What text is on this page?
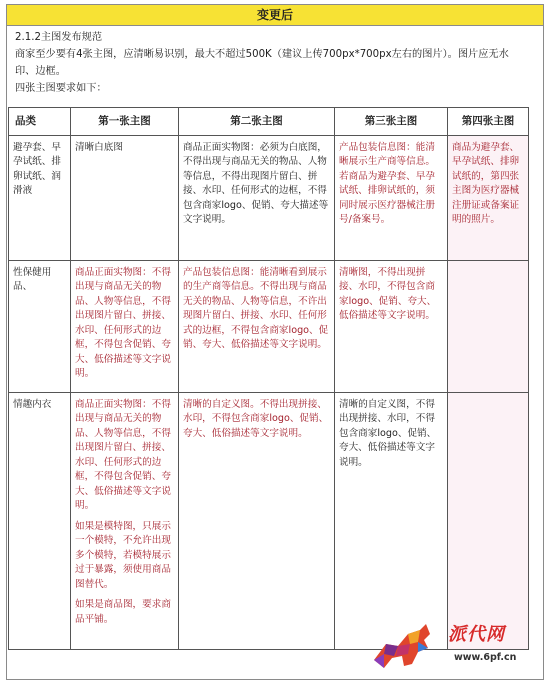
变更后
2.1.2主图发布规范
商家至少要有4张主图，应清晰易识别，最大不超过500K（建议上传700px*700px左右的图片）。图片应无水
印、边框。
四张主图要求如下：
品类	第一张主图	第二张主图	第三张主图	第四张主图
避孕套、早孕试纸、排卵试纸、润滑液	清晰白底图	商品正面实物图：必须为白底图，不得出现与商品无关的物品、人物等信息，不得出现图片留白、拼接、水印、任何形式的边框，不得包含商家logo、促销、夸大描述等文字说明。	产品包装信息图：能清晰展示生产商等信息。若商品为避孕套、早孕试纸、排卵试纸的，须同时展示医疗器械注册号/备案号。	商品为避孕套、早孕试纸、排卵试纸的，第四张主图为医疗器械注册证或备案证明的照片。

性保健用品、	商品正面实物图：不得出现与商品无关的物品、人物等信息，不得出现图片留白、拼接、水印、任何形式的边框，不得包含促销、夸大、低俗描述等文字说明。	产品包装信息图：能清晰看到展示的生产商等信息。不得出现与商品无关的物品、人物等信息，不许出现图片留白、拼接、水印、任何形式的边框，不得包含商家logo、促销、夸大、低俗描述等文字说明。	清晰图，不得出现拼接、水印，不得包含商家logo、促销、夸大、低俗描述等文字说明。	

情趣内衣	商品正面实物图：不得出现与商品无关的物品、人物等信息，不得出现图片留白、拼接、水印、任何形式的边框，不得包含促销、夸大、低俗描述等文字说明。
如果是模特图，只展示一个模特，不允许出现多个模特，若模特展示过于暴露，须使用商品图替代。
如果是商品图，要求商品平铺。	清晰的自定义图。不得出现拼接、水印，不得包含商家logo、促销、夸大、低俗描述等文字说明。	清晰的自定义图，不得出现拼接、水印，不得包含商家logo、促销、夸大、低俗描述等文字说明。	

派代网
www.6pf.cn
